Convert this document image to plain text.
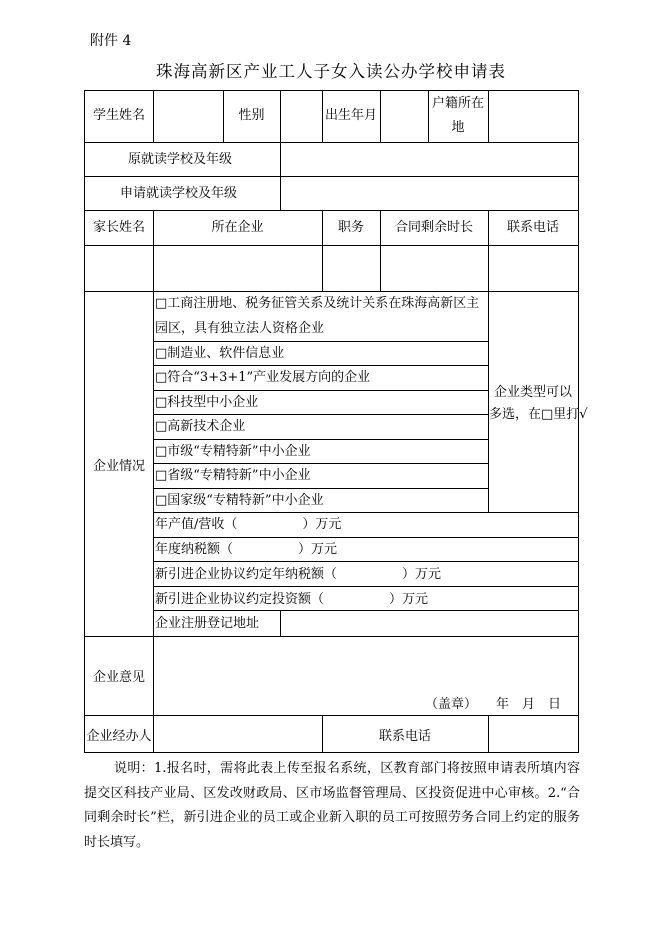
附件 4
珠海高新区产业工人子女入读公办学校申请表
学生姓名	性别	出生年月
户籍所在
地
原就读学校及年级
申请就读学校及年级
家长姓名	所在企业	职务	合同剩余时长	联系电话
企业情况
□工商注册地、税务征管关系及统计关系在珠海高新区主
园区，具有独立法人资格企业
□制造业、软件信息业
□符合“3+3+1”产业发展方向的企业
□科技型中小企业
□高新技术企业
□市级“专精特新”中小企业
□省级“专精特新”中小企业
□国家级“专精特新”中小企业
企业类型可以
多选，在□里打√
年产值/营收（　　　　　）万元
年度纳税额（　　　　　）万元
新引进企业协议约定年纳税额（　　　　　）万元
新引进企业协议约定投资额（　　　　　）万元
企业注册登记地址
企业意见
（盖章） 年　月　日
企业经办人	联系电话
说明：1.报名时，需将此表上传至报名系统，区教育部门将按照申请表所填内容提交区科技产业局、区发改财政局、区市场监督管理局、区投资促进中心审核。2.“合同剩余时长”栏，新引进企业的员工或企业新入职的员工可按照劳务合同上约定的服务时长填写。
